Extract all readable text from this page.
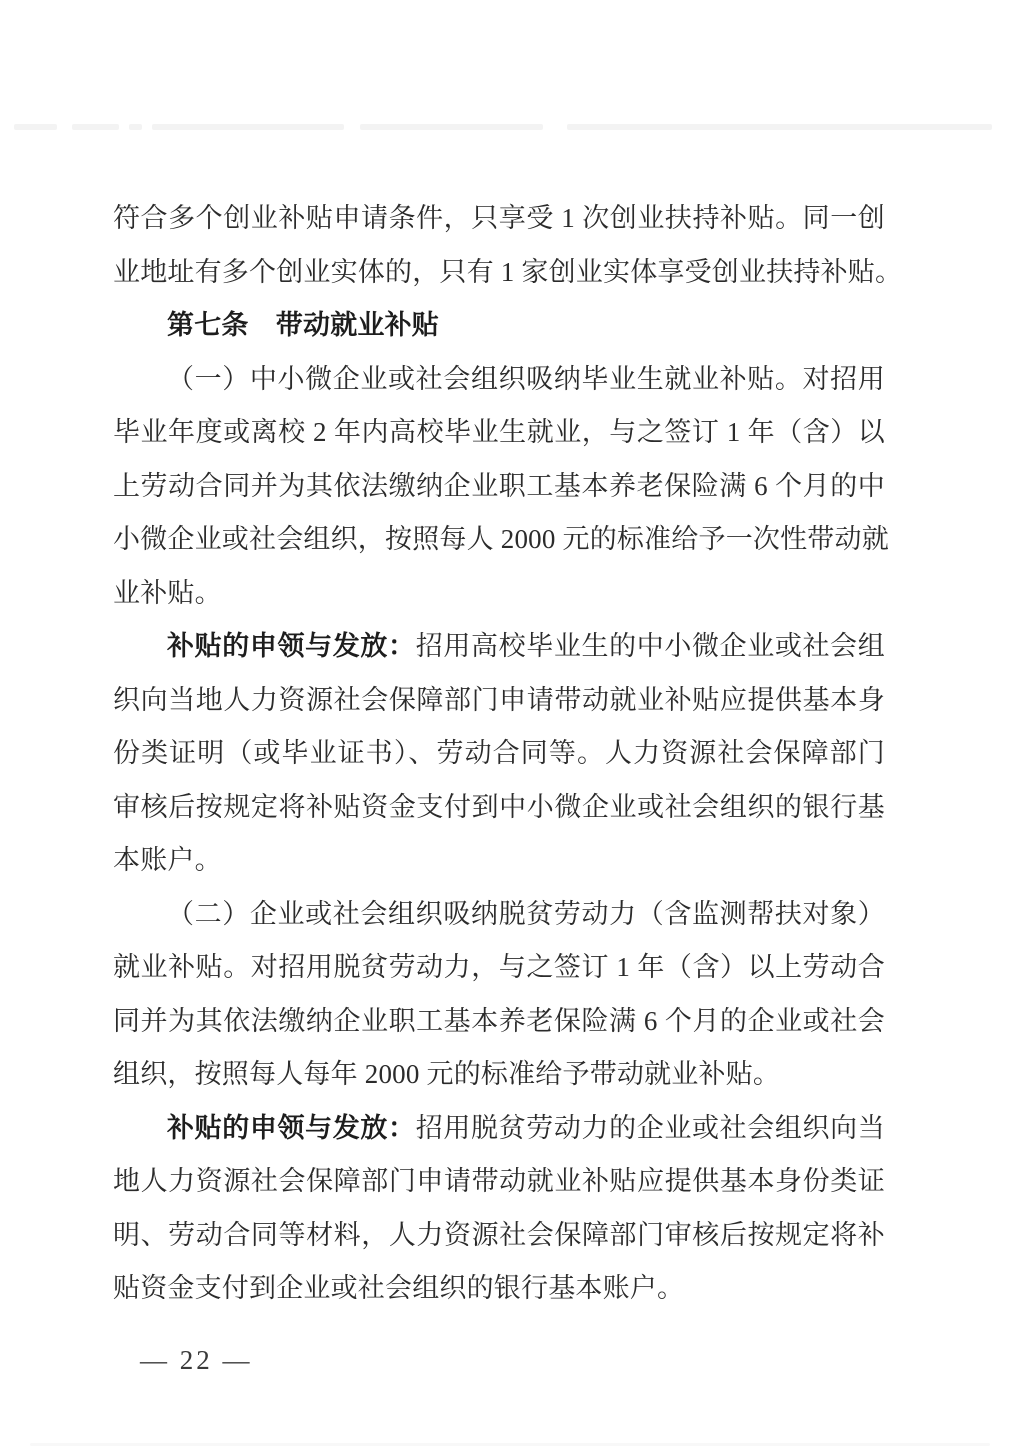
符合多个创业补贴申请条件，只享受 1 次创业扶持补贴。同一创
业地址有多个创业实体的，只有 1 家创业实体享受创业扶持补贴。
第七条　带动就业补贴
（一）中小微企业或社会组织吸纳毕业生就业补贴。对招用
毕业年度或离校 2 年内高校毕业生就业，与之签订 1 年（含）以
上劳动合同并为其依法缴纳企业职工基本养老保险满 6 个月的中
小微企业或社会组织，按照每人 2000 元的标准给予一次性带动就
业补贴。
补贴的申领与发放：招用高校毕业生的中小微企业或社会组
织向当地人力资源社会保障部门申请带动就业补贴应提供基本身
份类证明（或毕业证书）、劳动合同等。人力资源社会保障部门
审核后按规定将补贴资金支付到中小微企业或社会组织的银行基
本账户。
（二）企业或社会组织吸纳脱贫劳动力（含监测帮扶对象）
就业补贴。对招用脱贫劳动力，与之签订 1 年（含）以上劳动合
同并为其依法缴纳企业职工基本养老保险满 6 个月的企业或社会
组织，按照每人每年 2000 元的标准给予带动就业补贴。
补贴的申领与发放：招用脱贫劳动力的企业或社会组织向当
地人力资源社会保障部门申请带动就业补贴应提供基本身份类证
明、劳动合同等材料，人力资源社会保障部门审核后按规定将补
贴资金支付到企业或社会组织的银行基本账户。
— 22 —
